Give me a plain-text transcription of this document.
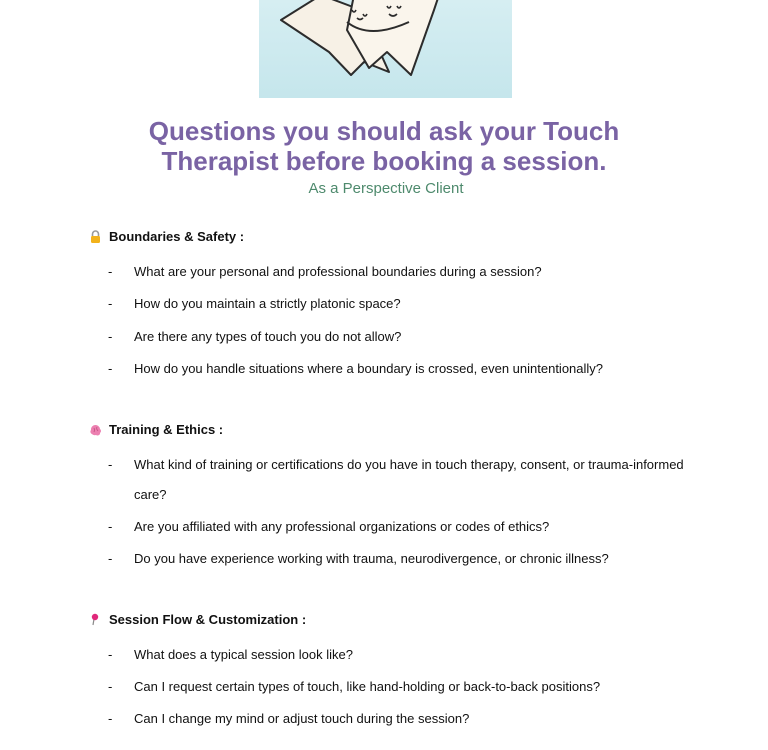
Questions you should ask your Touch
Therapist before booking a session.
As a Perspective Client
Boundaries & Safety :
-	What are your personal and professional boundaries during a session?
-	How do you maintain a strictly platonic space?
-	Are there any types of touch you do not allow?
-	How do you handle situations where a boundary is crossed, even unintentionally?
Training & Ethics :
-	What kind of training or certifications do you have in touch therapy, consent, or trauma-informed care?
-	Are you affiliated with any professional organizations or codes of ethics?
-	Do you have experience working with trauma, neurodivergence, or chronic illness?
Session Flow & Customization :
-	What does a typical session look like?
-	Can I request certain types of touch, like hand-holding or back-to-back positions?
-	Can I change my mind or adjust touch during the session?
